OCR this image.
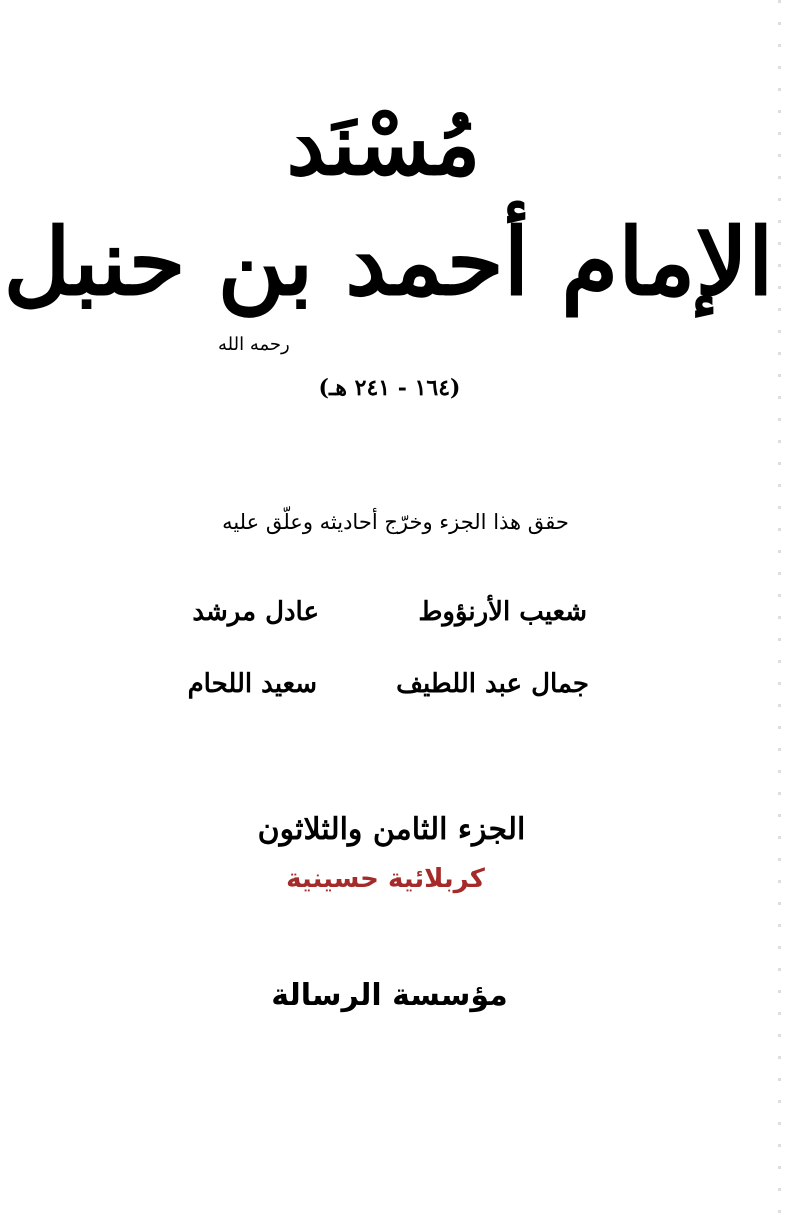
مُسْنَد
الإمام أحمد بن حنبل
رحمه الله
(١٦٤ - ٢٤١ هـ)
حقق هذا الجزء وخرّج أحاديثه وعلّق عليه
شعيب الأرنؤوط
عادل مرشد
جمال عبد اللطيف
سعيد اللحام
الجزء الثامن والثلاثون
كربلائية حسينية
مؤسسة الرسالة
